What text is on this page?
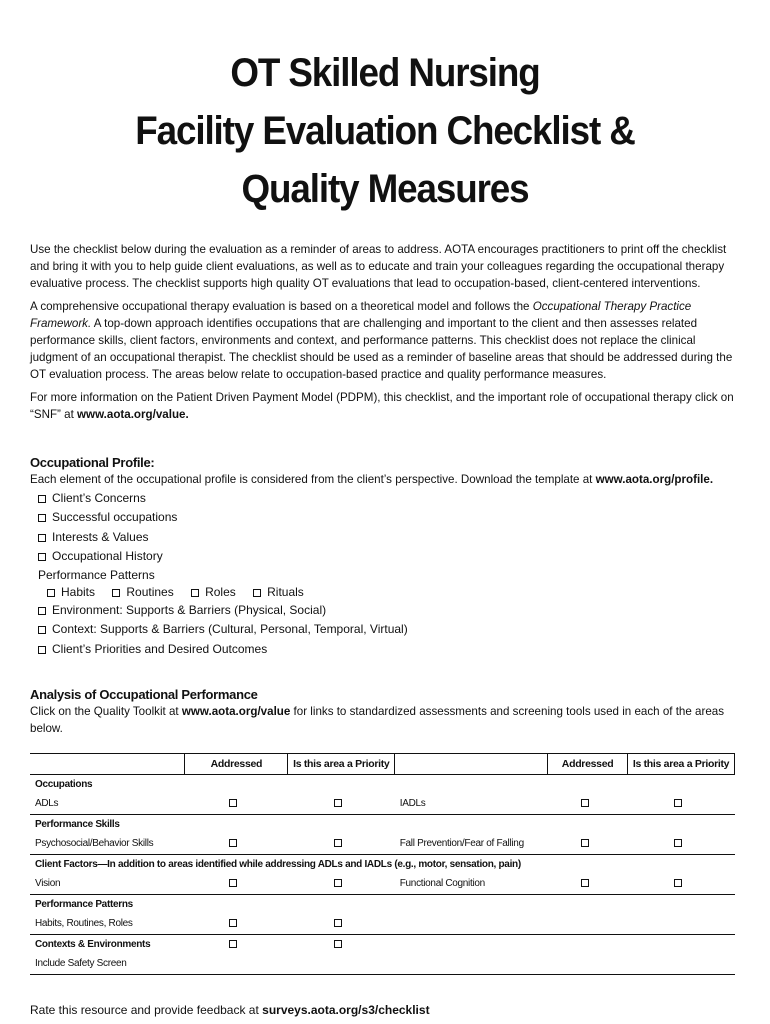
OT Skilled Nursing
Facility Evaluation Checklist &
Quality Measures

Use the checklist below during the evaluation as a reminder of areas to address. AOTA encourages practitioners to print off the checklist and bring it with you to help guide client evaluations, as well as to educate and train your colleagues regarding the occupational therapy evaluative process. The checklist supports high quality OT evaluations that lead to occupation-based, client-centered interventions.

A comprehensive occupational therapy evaluation is based on a theoretical model and follows the Occupational Therapy Practice Framework. A top-down approach identifies occupations that are challenging and important to the client and then assesses related performance skills, client factors, environments and context, and performance patterns. This checklist does not replace the clinical judgment of an occupational therapist. The checklist should be used as a reminder of baseline areas that should be addressed during the OT evaluation process. The areas below relate to occupation-based practice and quality performance measures.

For more information on the Patient Driven Payment Model (PDPM), this checklist, and the important role of occupational therapy click on “SNF” at www.aota.org/value.

Occupational Profile:

Each element of the occupational profile is considered from the client’s perspective. Download the template at www.aota.org/profile.

Client’s Concerns
Successful occupations
Interests & Values
Occupational History
Performance Patterns
Habits	Routines	Roles	Rituals
Environment: Supports & Barriers (Physical, Social)
Context: Supports & Barriers (Cultural, Personal, Temporal, Virtual)
Client’s Priorities and Desired Outcomes

Analysis of Occupational Performance

Click on the Quality Toolkit at www.aota.org/value for links to standardized assessments and screening tools used in each of the areas below.

	Addressed	Is this area a Priority		Addressed	Is this area a Priority
Occupations					
ADLs			IADLs		
Performance Skills					
Psychosocial/Behavior Skills			Fall Prevention/Fear of Falling		
Client Factors—In addition to areas identified while addressing ADLs and IADLs (e.g., motor, sensation, pain)					
Vision			Functional Cognition		
Performance Patterns					
Habits, Routines, Roles					
Contexts & Environments					
Include Safety Screen					
Rate this resource and provide feedback at surveys.aota.org/s3/checklist
